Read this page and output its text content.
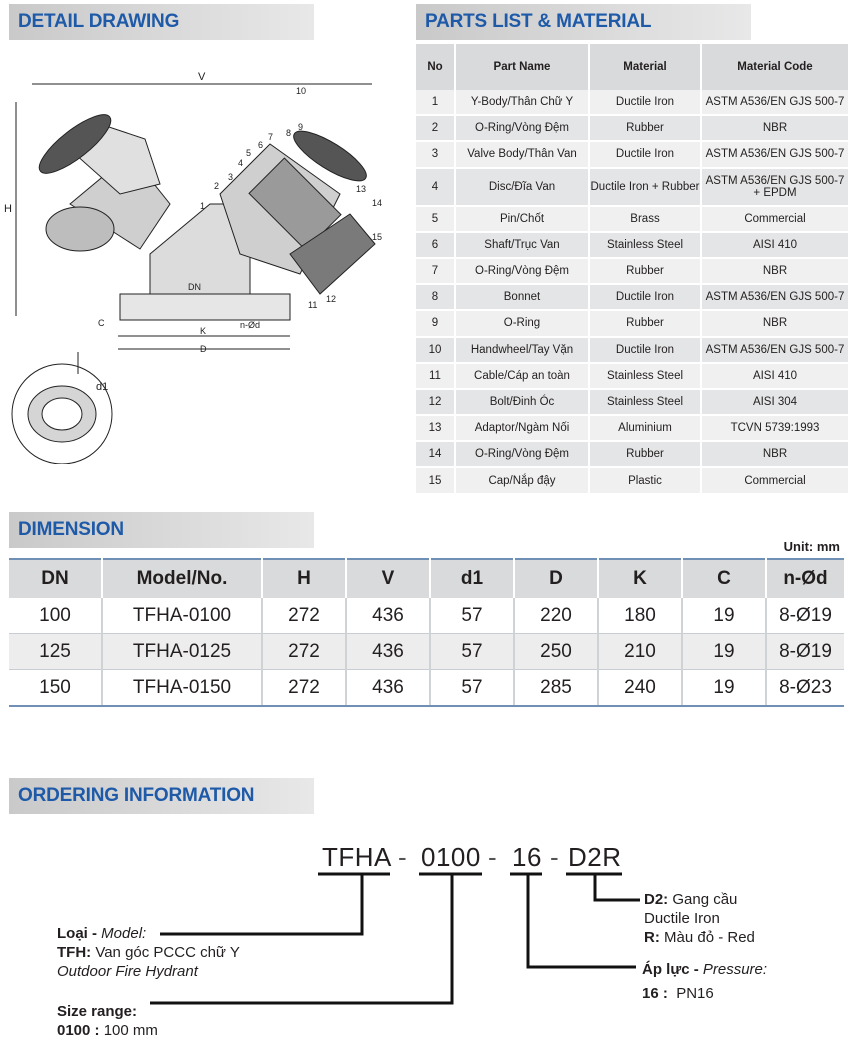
DETAIL DRAWING	PARTS LIST & MATERIAL
DIMENSION
ORDERING INFORMATION
V
H
DN
C
K
D
n-Ød
d1
1
2
3
4
5
6
7 8
9
10
11
12
13
14
15
No	Part Name	Material	Material Code
1	Y-Body/Thân Chữ Y	Ductile Iron	ASTM A536/EN GJS 500-7
2	O-Ring/Vòng Đệm	Rubber	NBR
3	Valve Body/Thân Van	Ductile Iron	ASTM A536/EN GJS 500-7
4	Disc/Đĩa Van	Ductile Iron + Rubber	ASTM A536/EN GJS 500-7 + EPDM
5	Pin/Chốt	Brass	Commercial
6	Shaft/Trục Van	Stainless Steel	AISI 410
7	O-Ring/Vòng Đệm	Rubber	NBR
8	Bonnet	Ductile Iron	ASTM A536/EN GJS 500-7
9	O-Ring	Rubber	NBR
10	Handwheel/Tay Vặn	Ductile Iron	ASTM A536/EN GJS 500-7
11	Cable/Cáp an toàn	Stainless Steel	AISI 410
12	Bolt/Đinh Óc	Stainless Steel	AISI 304
13	Adaptor/Ngàm Nối	Aluminium	TCVN 5739:1993
14	O-Ring/Vòng Đệm	Rubber	NBR
15	Cap/Nắp đậy	Plastic	Commercial
Unit: mm
DN	Model/No.	H	V	d1	D	K	C	n-Ød
100	TFHA-0100	272	436	57	220	180	19	8-Ø19
125	TFHA-0125	272	436	57	250	210	19	8-Ø19
150	TFHA-0150	272	436	57	285	240	19	8-Ø23
TFHA - 0100 - 16 - D2R
Loại - Model:
TFH: Van góc PCCC chữ Y
Outdoor Fire Hydrant
Size range:
0100 : 100 mm
Áp lực - Pressure:
16 : PN16
D2: Gang cầu
Ductile Iron
R: Màu đỏ - Red
